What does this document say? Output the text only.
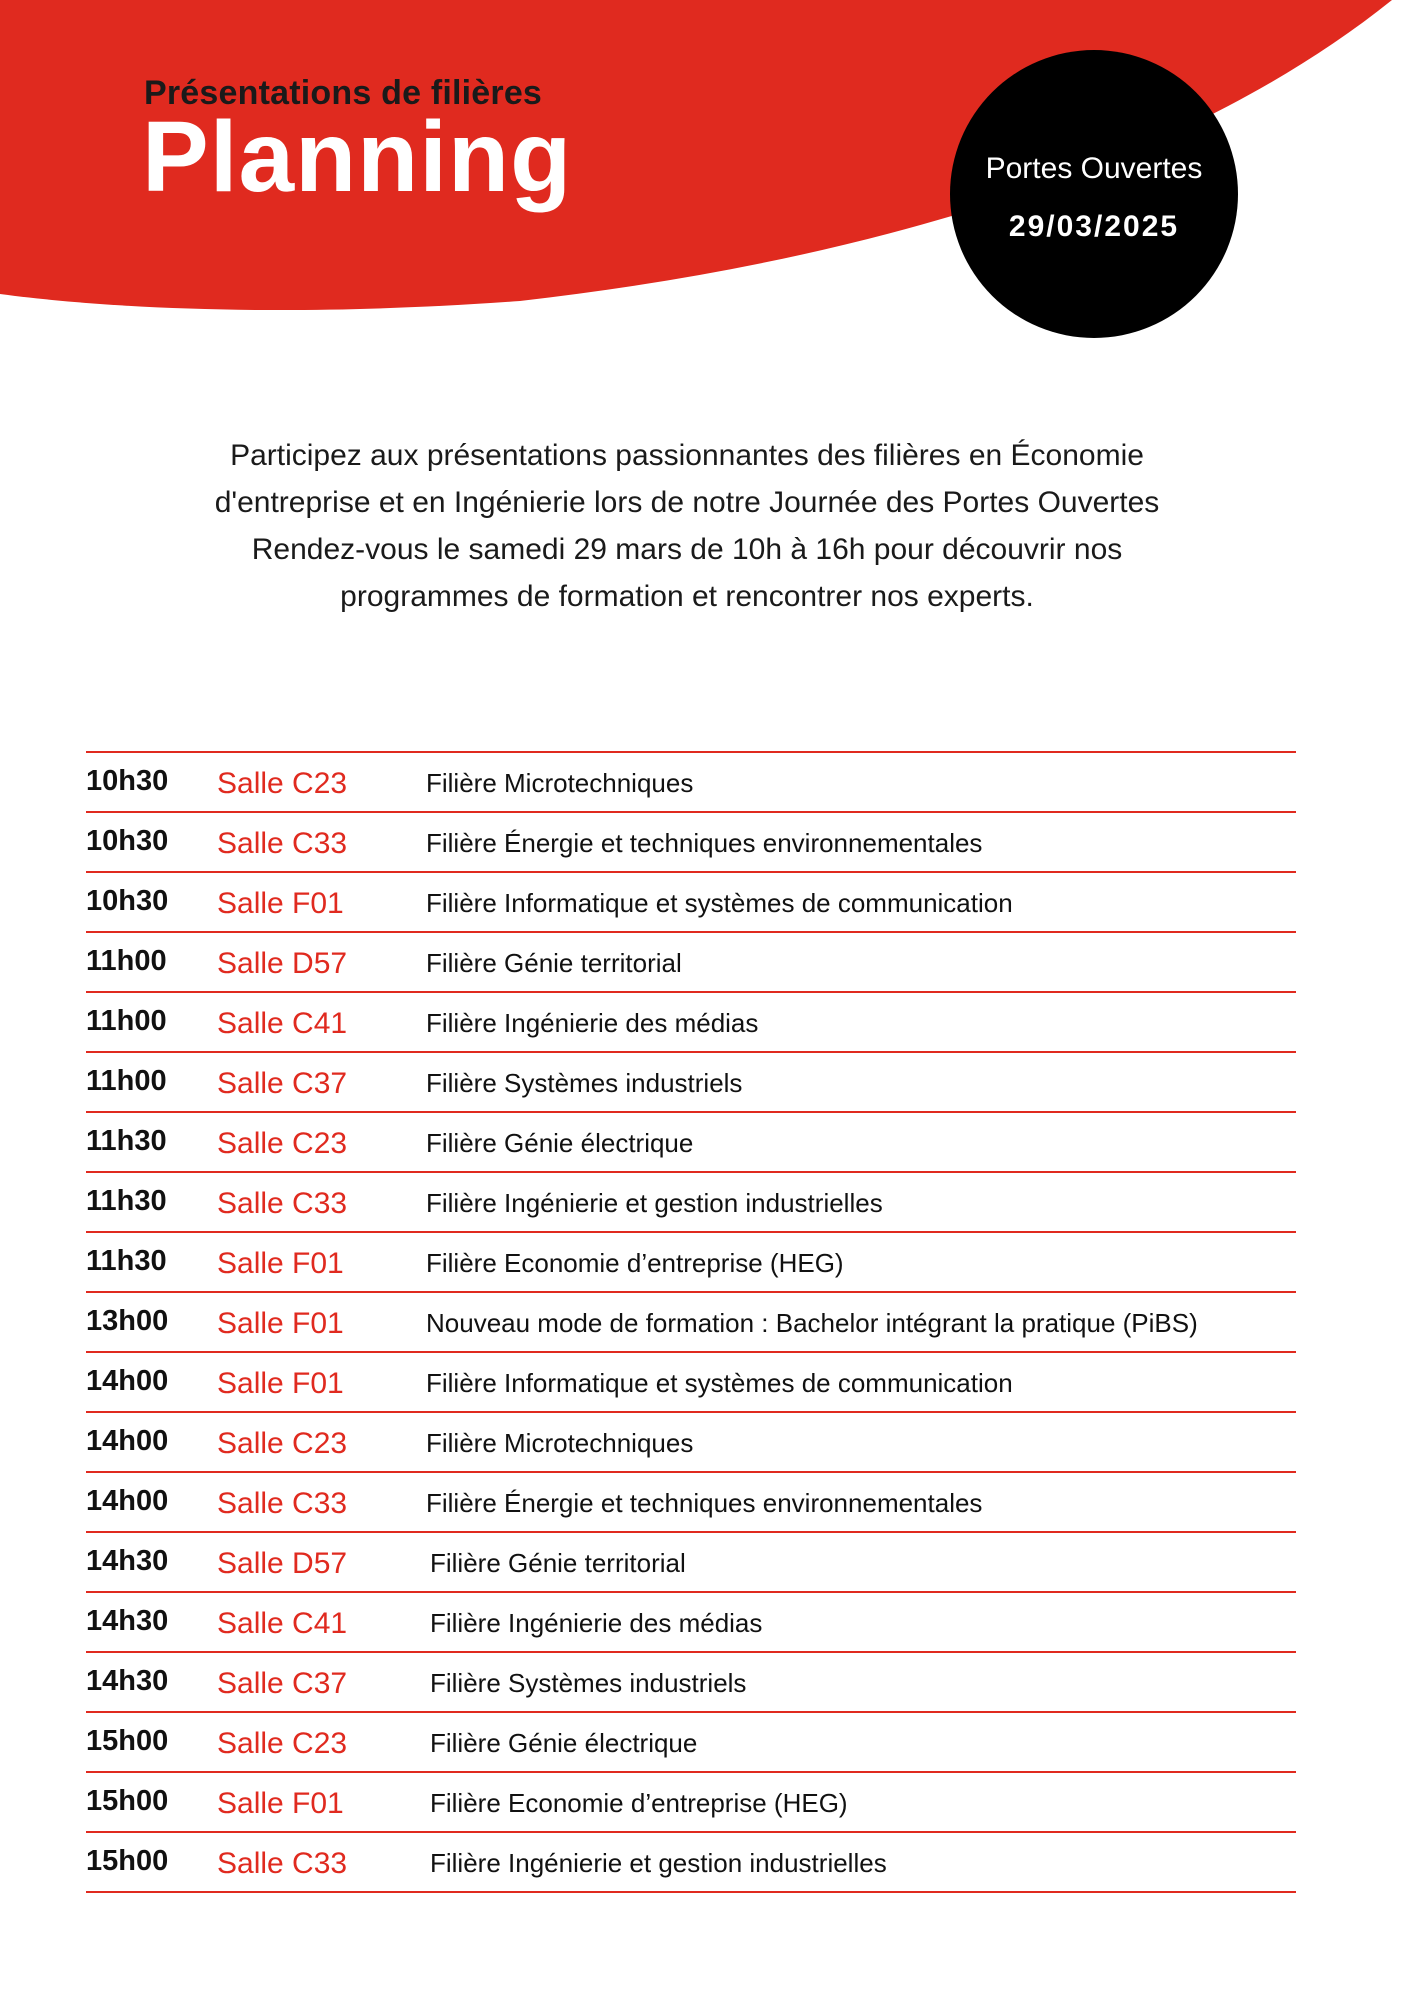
Présentations de filières
Planning	Portes Ouvertes
29/03/2025

Participez aux présentations passionnantes des filières en Économie

d'entreprise et en Ingénierie lors de notre Journée des Portes Ouvertes

Rendez-vous le samedi 29 mars de 10h à 16h pour découvrir nos

programmes de formation et rencontrer nos experts.

10h30 Salle C23	Filière Microtechniques
10h30 Salle C33	Filière Énergie et techniques environnementales
10h30 Salle F01	Filière Informatique et systèmes de communication
11h00 Salle D57	Filière Génie territorial
11h00 Salle C41	Filière Ingénierie des médias
11h00 Salle C37	Filière Systèmes industriels
11h30 Salle C23	Filière Génie électrique
11h30 Salle C33	Filière Ingénierie et gestion industrielles
11h30 Salle F01	Filière Economie d’entreprise (HEG)
13h00 Salle F01	Nouveau mode de formation : Bachelor intégrant la pratique (PiBS)
14h00 Salle F01	Filière Informatique et systèmes de communication
14h00 Salle C23	Filière Microtechniques
14h00 Salle C33	Filière Énergie et techniques environnementales
14h30 Salle D57	Filière Génie territorial
14h30 Salle C41	Filière Ingénierie des médias
14h30 Salle C37	Filière Systèmes industriels
15h00 Salle C23	Filière Génie électrique
15h00 Salle F01	Filière Economie d’entreprise (HEG)
15h00 Salle C33	Filière Ingénierie et gestion industrielles
